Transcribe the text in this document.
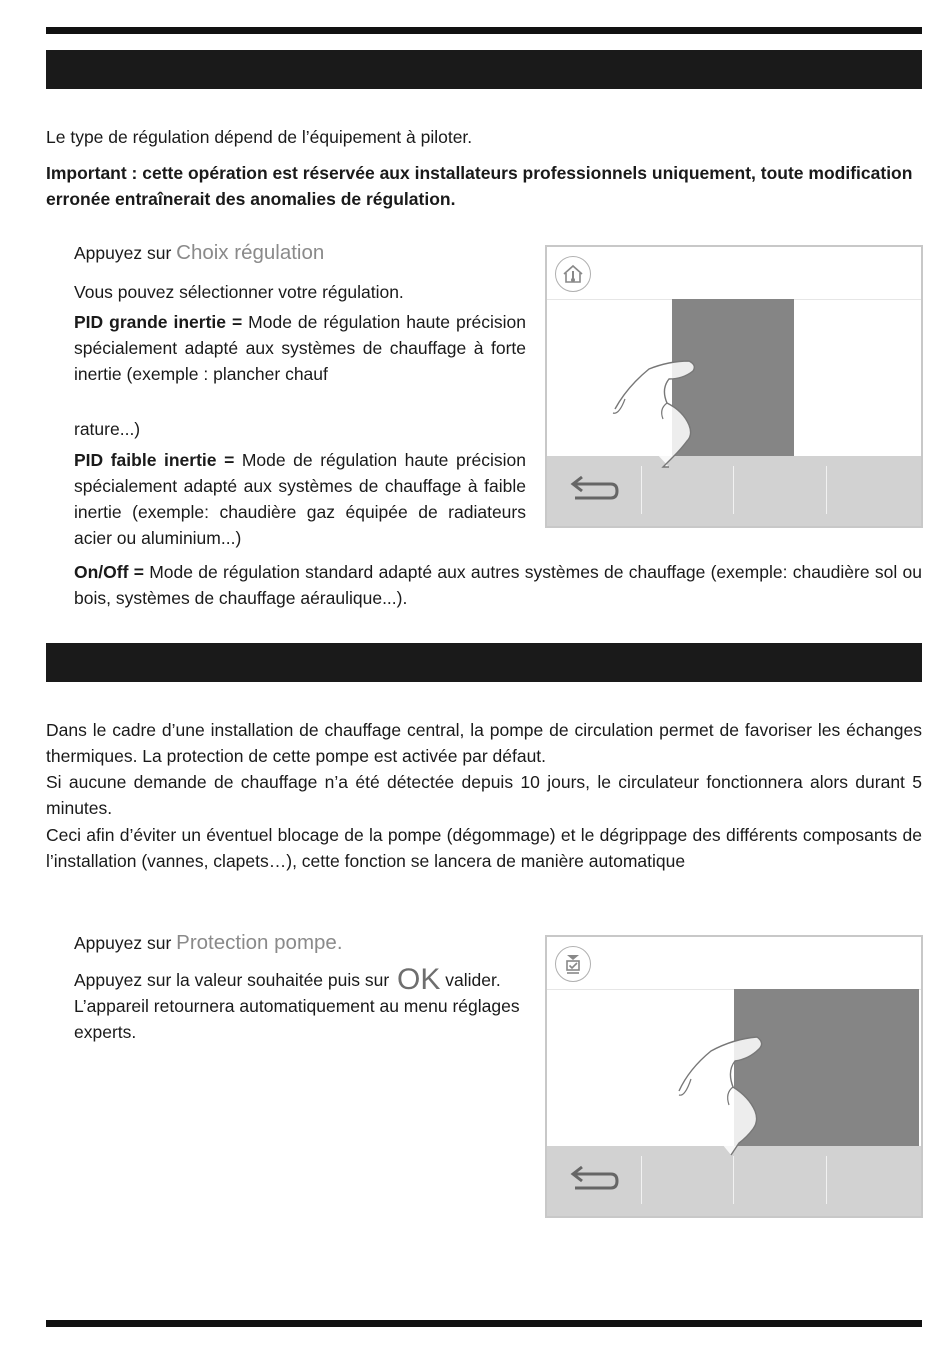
Le type de régulation dépend de l’équipement à piloter.

Important : cette opération est réservée aux installateurs professionnels uniquement, toute modification erronée entraînerait des anomalies de régulation.

Appuyez sur Choix régulation

Vous pouvez sélectionner votre régulation.

PID grande inertie = Mode de régulation haute précision spécialement adapté aux systèmes de chauffage à forte inertie (exemple : plancher chauf

rature...)

PID faible inertie = Mode de régulation haute précision spécialement adapté aux systèmes de chauffage à faible inertie (exemple: chaudière gaz équipée de radiateurs acier ou aluminium...)

On/Off = Mode de régulation standard adapté aux autres systèmes de chauffage (exemple: chaudière sol ou bois, systèmes de chauffage aéraulique...).

Dans le cadre d’une installation de chauffage central, la pompe de circulation permet de favoriser les échanges thermiques. La protection de cette pompe est activée par défaut.

Si aucune demande de chauffage n’a été détectée depuis 10 jours, le circulateur fonctionnera alors durant 5 minutes.

Ceci afin d’éviter un éventuel blocage de la pompe (dégommage) et le dégrippage des différents composants de l’installation (vannes, clapets…), cette fonction se lancera de manière automatique

Appuyez sur Protection pompe.

Appuyez sur la valeur souhaitée puis sur OK valider. L’appareil retournera automatiquement au menu réglages experts.
